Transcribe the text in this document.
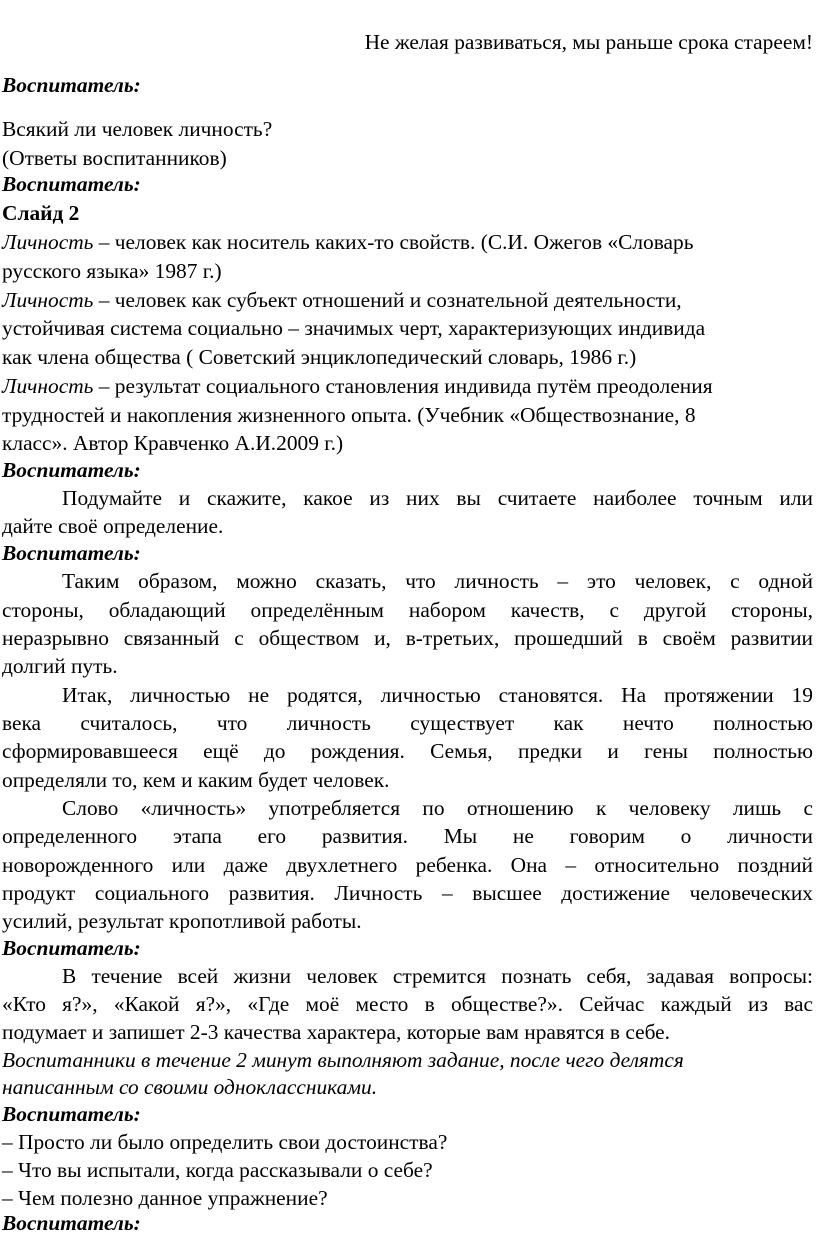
Не желая развиваться, мы раньше срока стареем!
Воспитатель:
Всякий ли человек личность?
(Ответы воспитанников)
Воспитатель:
Слайд 2
Личность – человек как носитель каких-то свойств. (С.И. Ожегов «Словарь
русского языка» 1987 г.)
Личность – человек как субъект отношений и сознательной деятельности,
устойчивая система социально – значимых черт, характеризующих индивида
как члена общества ( Советский энциклопедический словарь, 1986 г.)
Личность – результат социального становления индивида путём преодоления
трудностей и накопления жизненного опыта. (Учебник «Обществознание, 8
класс». Автор Кравченко А.И.2009 г.)
Воспитатель:
Подумайте и скажите, какое из них вы считаете наиболее точным или
дайте своё определение.
Воспитатель:
Таким образом, можно сказать, что личность – это человек, с одной
стороны, обладающий определённым набором качеств, с другой стороны,
неразрывно связанный с обществом и, в-третьих, прошедший в своём развитии
долгий путь.
Итак, личностью не родятся, личностью становятся. На протяжении 19
века считалось, что личность существует как нечто полностью
сформировавшееся ещё до рождения. Семья, предки и гены полностью
определяли то, кем и каким будет человек.
Слово «личность» употребляется по отношению к человеку лишь с
определенного этапа его развития. Мы не говорим о личности
новорожденного или даже двухлетнего ребенка. Она – относительно поздний
продукт социального развития. Личность – высшее достижение человеческих
усилий, результат кропотливой работы.
Воспитатель:
В течение всей жизни человек стремится познать себя, задавая вопросы:
«Кто я?», «Какой я?», «Где моё место в обществе?». Сейчас каждый из вас
подумает и запишет 2-3 качества характера, которые вам нравятся в себе.
Воспитанники в течение 2 минут выполняют задание, после чего делятся
написанным со своими одноклассниками.
Воспитатель:
– Просто ли было определить свои достоинства?
– Что вы испытали, когда рассказывали о себе?
– Чем полезно данное упражнение?
Воспитатель:
